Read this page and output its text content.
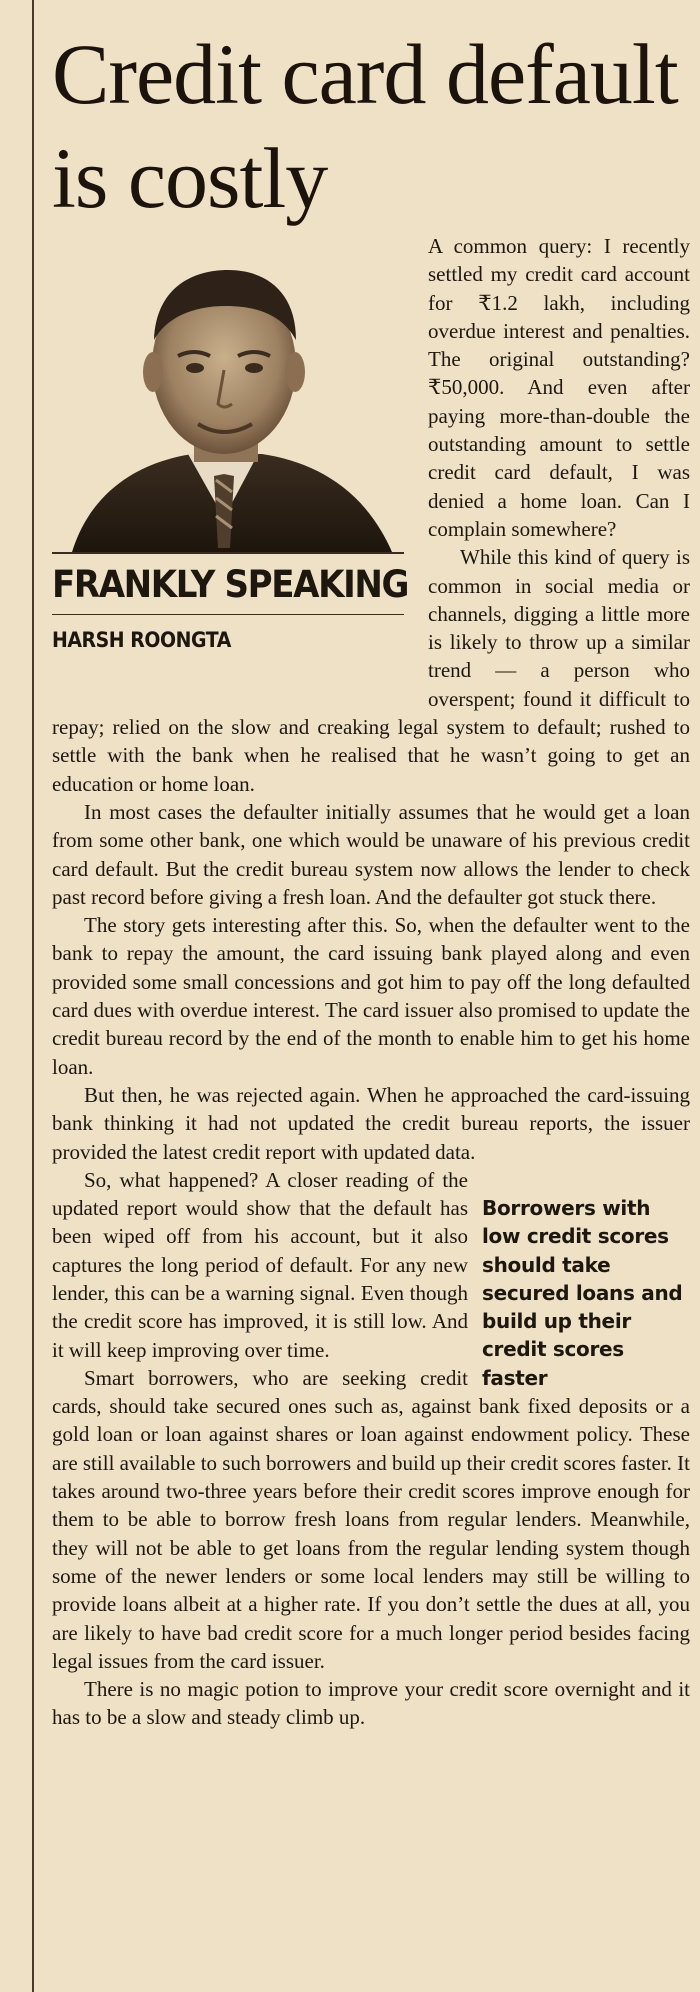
Credit card default is costly

A common query: I recently settled my credit card account for ₹1.2 lakh, including overdue interest and penalties. The original outstanding? ₹50,000. And even after paying more-than-double the outstanding amount to settle credit card default, I was denied a home loan. Can I complain somewhere?

While this kind of query is common in social media or channels, digging a little more is likely to throw up a similar trend — a person who overspent; found it difficult to repay; relied on the slow and creaking legal system to default; rushed to settle with the bank when he realised that he wasn’t going to get an education or home loan.

In most cases the defaulter initially assumes that he would get a loan from some other bank, one which would be unaware of his previous credit card default. But the credit bureau system now allows the lender to check past record before giving a fresh loan. And the defaulter got stuck there.

The story gets interesting after this. So, when the defaulter went to the bank to repay the amount, the card issuing bank played along and even provided some small concessions and got him to pay off the long defaulted card dues with overdue interest. The card issuer also promised to update the credit bureau record by the end of the month to enable him to get his home loan.

But then, he was rejected again. When he approached the card-issuing bank thinking it had not updated the credit bureau reports, the issuer provided the latest credit report with updated data.

So, what happened? A closer reading of the updated report would show that the default has been wiped off from his account, but it also captures the long period of default. For any new lender, this can be a warning signal. Even though the credit score has improved, it is still low. And it will keep improving over time.

Smart borrowers, who are seeking credit cards, should take secured ones such as, against bank fixed deposits or a gold loan or loan against shares or loan against endowment policy. These are still available to such borrowers and build up their credit scores faster. It takes around two-three years before their credit scores improve enough for them to be able to borrow fresh loans from regular lenders. Meanwhile, they will not be able to get loans from the regular lending system though some of the newer lenders or some local lenders may still be willing to provide loans albeit at a higher rate. If you don’t settle the dues at all, you are likely to have bad credit score for a much longer period besides facing legal issues from the card issuer.

There is no magic potion to improve your credit score overnight and it has to be a slow and steady climb up.

FRANKLY SPEAKING

HARSH ROONGTA

Borrowers with low credit scores should take secured loans and build up their credit scores faster
